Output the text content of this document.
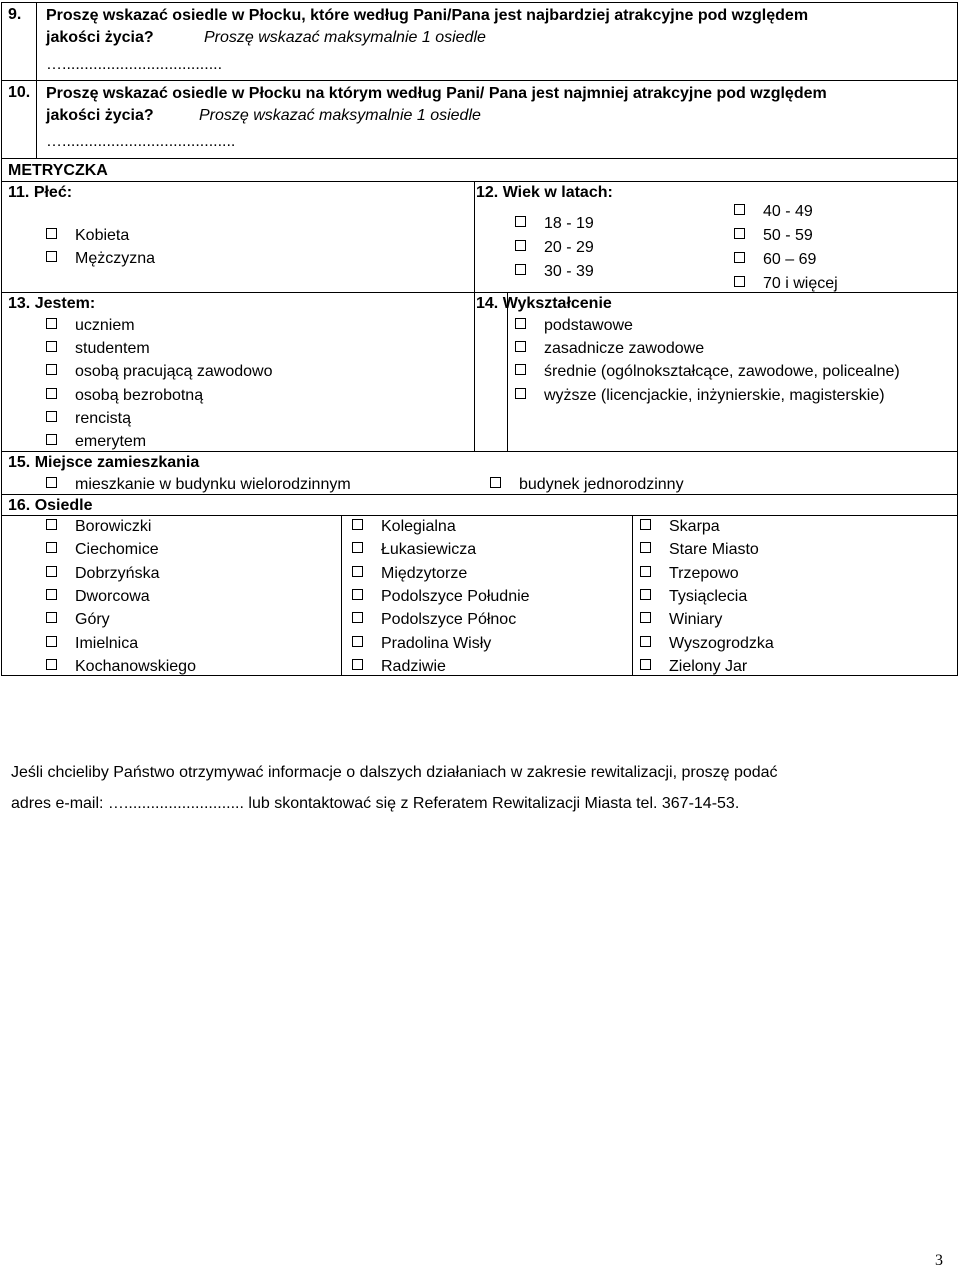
9. Proszę wskazać osiedle w Płocku, które według Pani/Pana jest najbardziej atrakcyjne pod względem
jakości życia?	Proszę wskazać maksymalnie 1 osiedle
…....................................
10. Proszę wskazać osiedle w Płocku na którym według Pani/ Pana jest najmniej atrakcyjne pod względem
jakości życia?	Proszę wskazać maksymalnie 1 osiedle
….......................................
METRYCZKA
11. Płeć:	12. Wiek w latach:
Kobieta
Mężczyzna
18 - 19
20 - 29
30 - 39
40 - 49
50 - 59
60 – 69
70 i więcej
13. Jestem:	14. Wykształcenie
uczniem
studentem
osobą pracującą zawodowo
osobą bezrobotną
rencistą
emerytem
podstawowe
zasadnicze zawodowe
średnie (ogólnokształcące, zawodowe, policealne)
wyższe (licencjackie, inżynierskie, magisterskie)
15. Miejsce zamieszkania
mieszkanie w budynku wielorodzinnym	budynek jednorodzinny
16. Osiedle
Borowiczki
Ciechomice
Dobrzyńska
Dworcowa
Góry
Imielnica
Kochanowskiego
Kolegialna
Łukasiewicza
Międzytorze
Podolszyce Południe
Podolszyce Północ
Pradolina Wisły
Radziwie
Skarpa
Stare Miasto
Trzepowo
Tysiąclecia
Winiary
Wyszogrodzka
Zielony Jar
Jeśli chcieliby Państwo otrzymywać informacje o dalszych działaniach w zakresie rewitalizacji, proszę podać
adres e-mail: …........................... lub skontaktować się z Referatem Rewitalizacji Miasta tel. 367-14-53.
3
